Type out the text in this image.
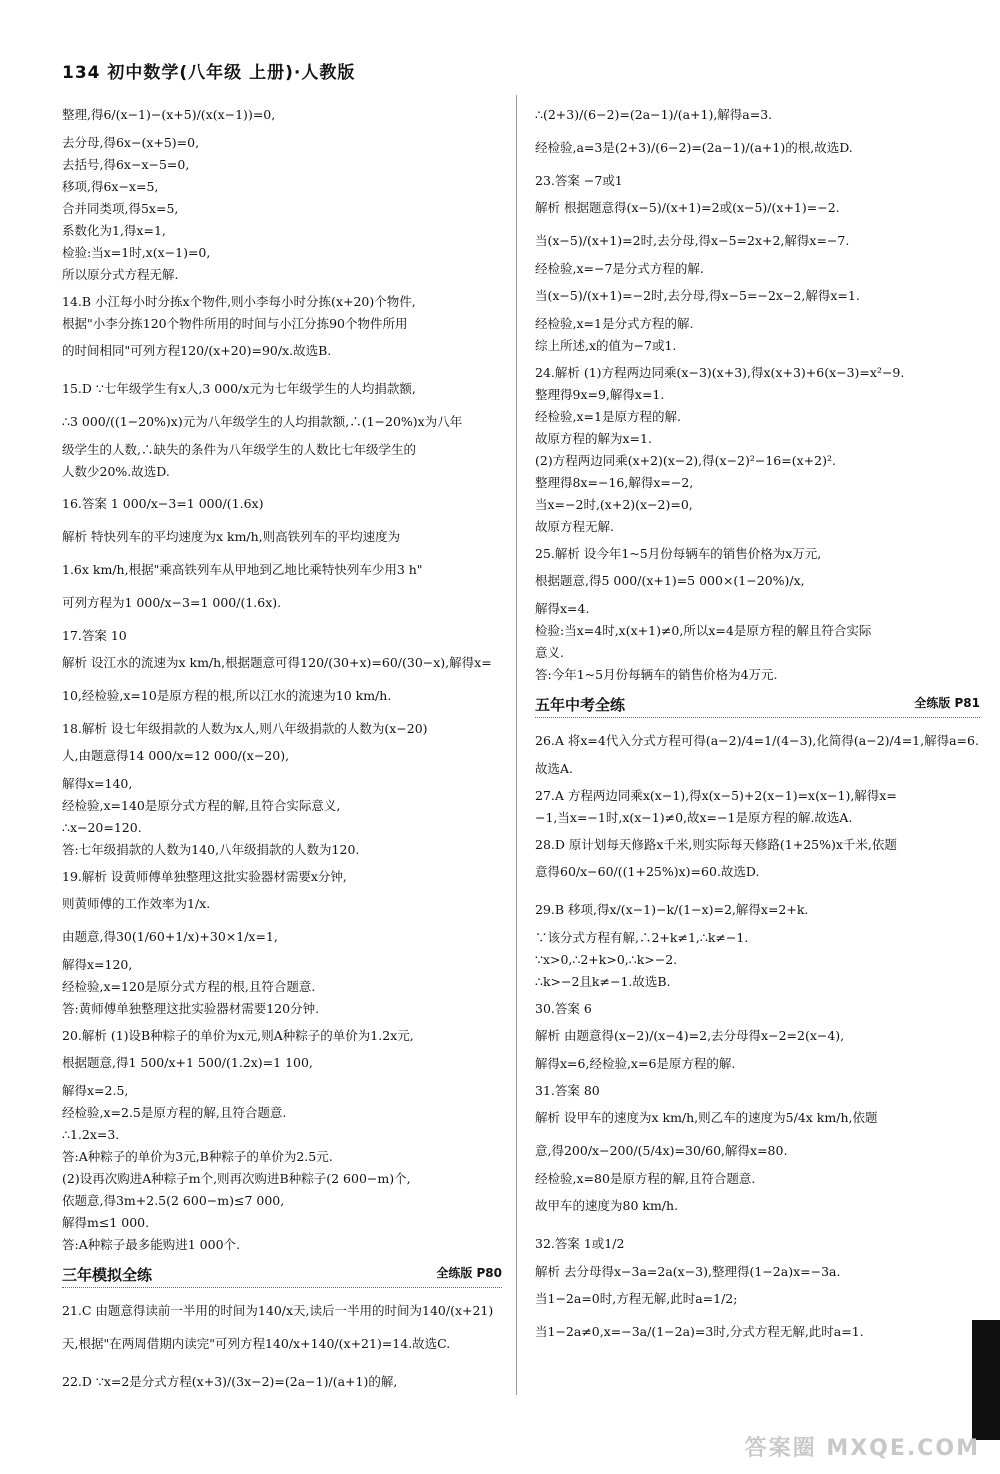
134 初中数学(八年级 上册)·人教版
整理,得6/(x−1)−(x+5)/(x(x−1))=0,
去分母,得6x−(x+5)=0,
去括号,得6x−x−5=0,
移项,得6x−x=5,
合并同类项,得5x=5,
系数化为1,得x=1,
检验:当x=1时,x(x−1)=0,
所以原分式方程无解.
14.B 小江每小时分拣x个物件,则小李每小时分拣(x+20)个物件,
根据"小李分拣120个物件所用的时间与小江分拣90个物件所用
的时间相同"可列方程120/(x+20)=90/x.故选B.
15.D ∵七年级学生有x人,3 000/x元为七年级学生的人均捐款额,
∴3 000/((1−20%)x)元为八年级学生的人均捐款额,∴(1−20%)x为八年
级学生的人数,∴缺失的条件为八年级学生的人数比七年级学生的
人数少20%.故选D.
16.答案 1 000/x−3=1 000/(1.6x)
解析 特快列车的平均速度为x km/h,则高铁列车的平均速度为
1.6x km/h,根据"乘高铁列车从甲地到乙地比乘特快列车少用3 h"
可列方程为1 000/x−3=1 000/(1.6x).
17.答案 10
解析 设江水的流速为x km/h,根据题意可得120/(30+x)=60/(30−x),解得x=
10,经检验,x=10是原方程的根,所以江水的流速为10 km/h.
18.解析 设七年级捐款的人数为x人,则八年级捐款的人数为(x−20)
人,由题意得14 000/x=12 000/(x−20),
解得x=140,
经检验,x=140是原分式方程的解,且符合实际意义,
∴x−20=120.
答:七年级捐款的人数为140,八年级捐款的人数为120.
19.解析 设黄师傅单独整理这批实验器材需要x分钟,
则黄师傅的工作效率为1/x.
由题意,得30(1/60+1/x)+30×1/x=1,
解得x=120,
经检验,x=120是原分式方程的根,且符合题意.
答:黄师傅单独整理这批实验器材需要120分钟.
20.解析 (1)设B种粽子的单价为x元,则A种粽子的单价为1.2x元,
根据题意,得1 500/x+1 500/(1.2x)=1 100,
解得x=2.5,
经检验,x=2.5是原方程的解,且符合题意.
∴1.2x=3.
答:A种粽子的单价为3元,B种粽子的单价为2.5元.
(2)设再次购进A种粽子m个,则再次购进B种粽子(2 600−m)个,
依题意,得3m+2.5(2 600−m)≤7 000,
解得m≤1 000.
答:A种粽子最多能购进1 000个.
三年模拟全练	全练版 P80
21.C 由题意得读前一半用的时间为140/x天,读后一半用的时间为140/(x+21)
天,根据"在两周借期内读完"可列方程140/x+140/(x+21)=14.故选C.
22.D ∵x=2是分式方程(x+3)/(3x−2)=(2a−1)/(a+1)的解,
∴(2+3)/(6−2)=(2a−1)/(a+1),解得a=3.
经检验,a=3是(2+3)/(6−2)=(2a−1)/(a+1)的根,故选D.
23.答案 −7或1
解析 根据题意得(x−5)/(x+1)=2或(x−5)/(x+1)=−2.
当(x−5)/(x+1)=2时,去分母,得x−5=2x+2,解得x=−7.
经检验,x=−7是分式方程的解.
当(x−5)/(x+1)=−2时,去分母,得x−5=−2x−2,解得x=1.
经检验,x=1是分式方程的解.
综上所述,x的值为−7或1.
24.解析 (1)方程两边同乘(x−3)(x+3),得x(x+3)+6(x−3)=x²−9.
整理得9x=9,解得x=1.
经检验,x=1是原方程的解.
故原方程的解为x=1.
(2)方程两边同乘(x+2)(x−2),得(x−2)²−16=(x+2)².
整理得8x=−16,解得x=−2,
当x=−2时,(x+2)(x−2)=0,
故原方程无解.
25.解析 设今年1~5月份每辆车的销售价格为x万元,
根据题意,得5 000/(x+1)=5 000×(1−20%)/x,
解得x=4.
检验:当x=4时,x(x+1)≠0,所以x=4是原方程的解且符合实际
意义.
答:今年1~5月份每辆车的销售价格为4万元.
五年中考全练	全练版 P81
26.A 将x=4代入分式方程可得(a−2)/4=1/(4−3),化简得(a−2)/4=1,解得a=6.
故选A.
27.A 方程两边同乘x(x−1),得x(x−5)+2(x−1)=x(x−1),解得x=
−1,当x=−1时,x(x−1)≠0,故x=−1是原方程的解.故选A.
28.D 原计划每天修路x千米,则实际每天修路(1+25%)x千米,依题
意得60/x−60/((1+25%)x)=60.故选D.
29.B 移项,得x/(x−1)−k/(1−x)=2,解得x=2+k.
∵该分式方程有解,∴2+k≠1,∴k≠−1.
∵x>0,∴2+k>0,∴k>−2.
∴k>−2且k≠−1.故选B.
30.答案 6
解析 由题意得(x−2)/(x−4)=2,去分母得x−2=2(x−4),
解得x=6,经检验,x=6是原方程的解.
31.答案 80
解析 设甲车的速度为x km/h,则乙车的速度为5/4x km/h,依题
意,得200/x−200/(5/4x)=30/60,解得x=80.
经检验,x=80是原方程的解,且符合题意.
故甲车的速度为80 km/h.
32.答案 1或1/2
解析 去分母得x−3a=2a(x−3),整理得(1−2a)x=−3a.
当1−2a=0时,方程无解,此时a=1/2;
当1−2a≠0,x=−3a/(1−2a)=3时,分式方程无解,此时a=1.
答案圈 MXQE.COM
